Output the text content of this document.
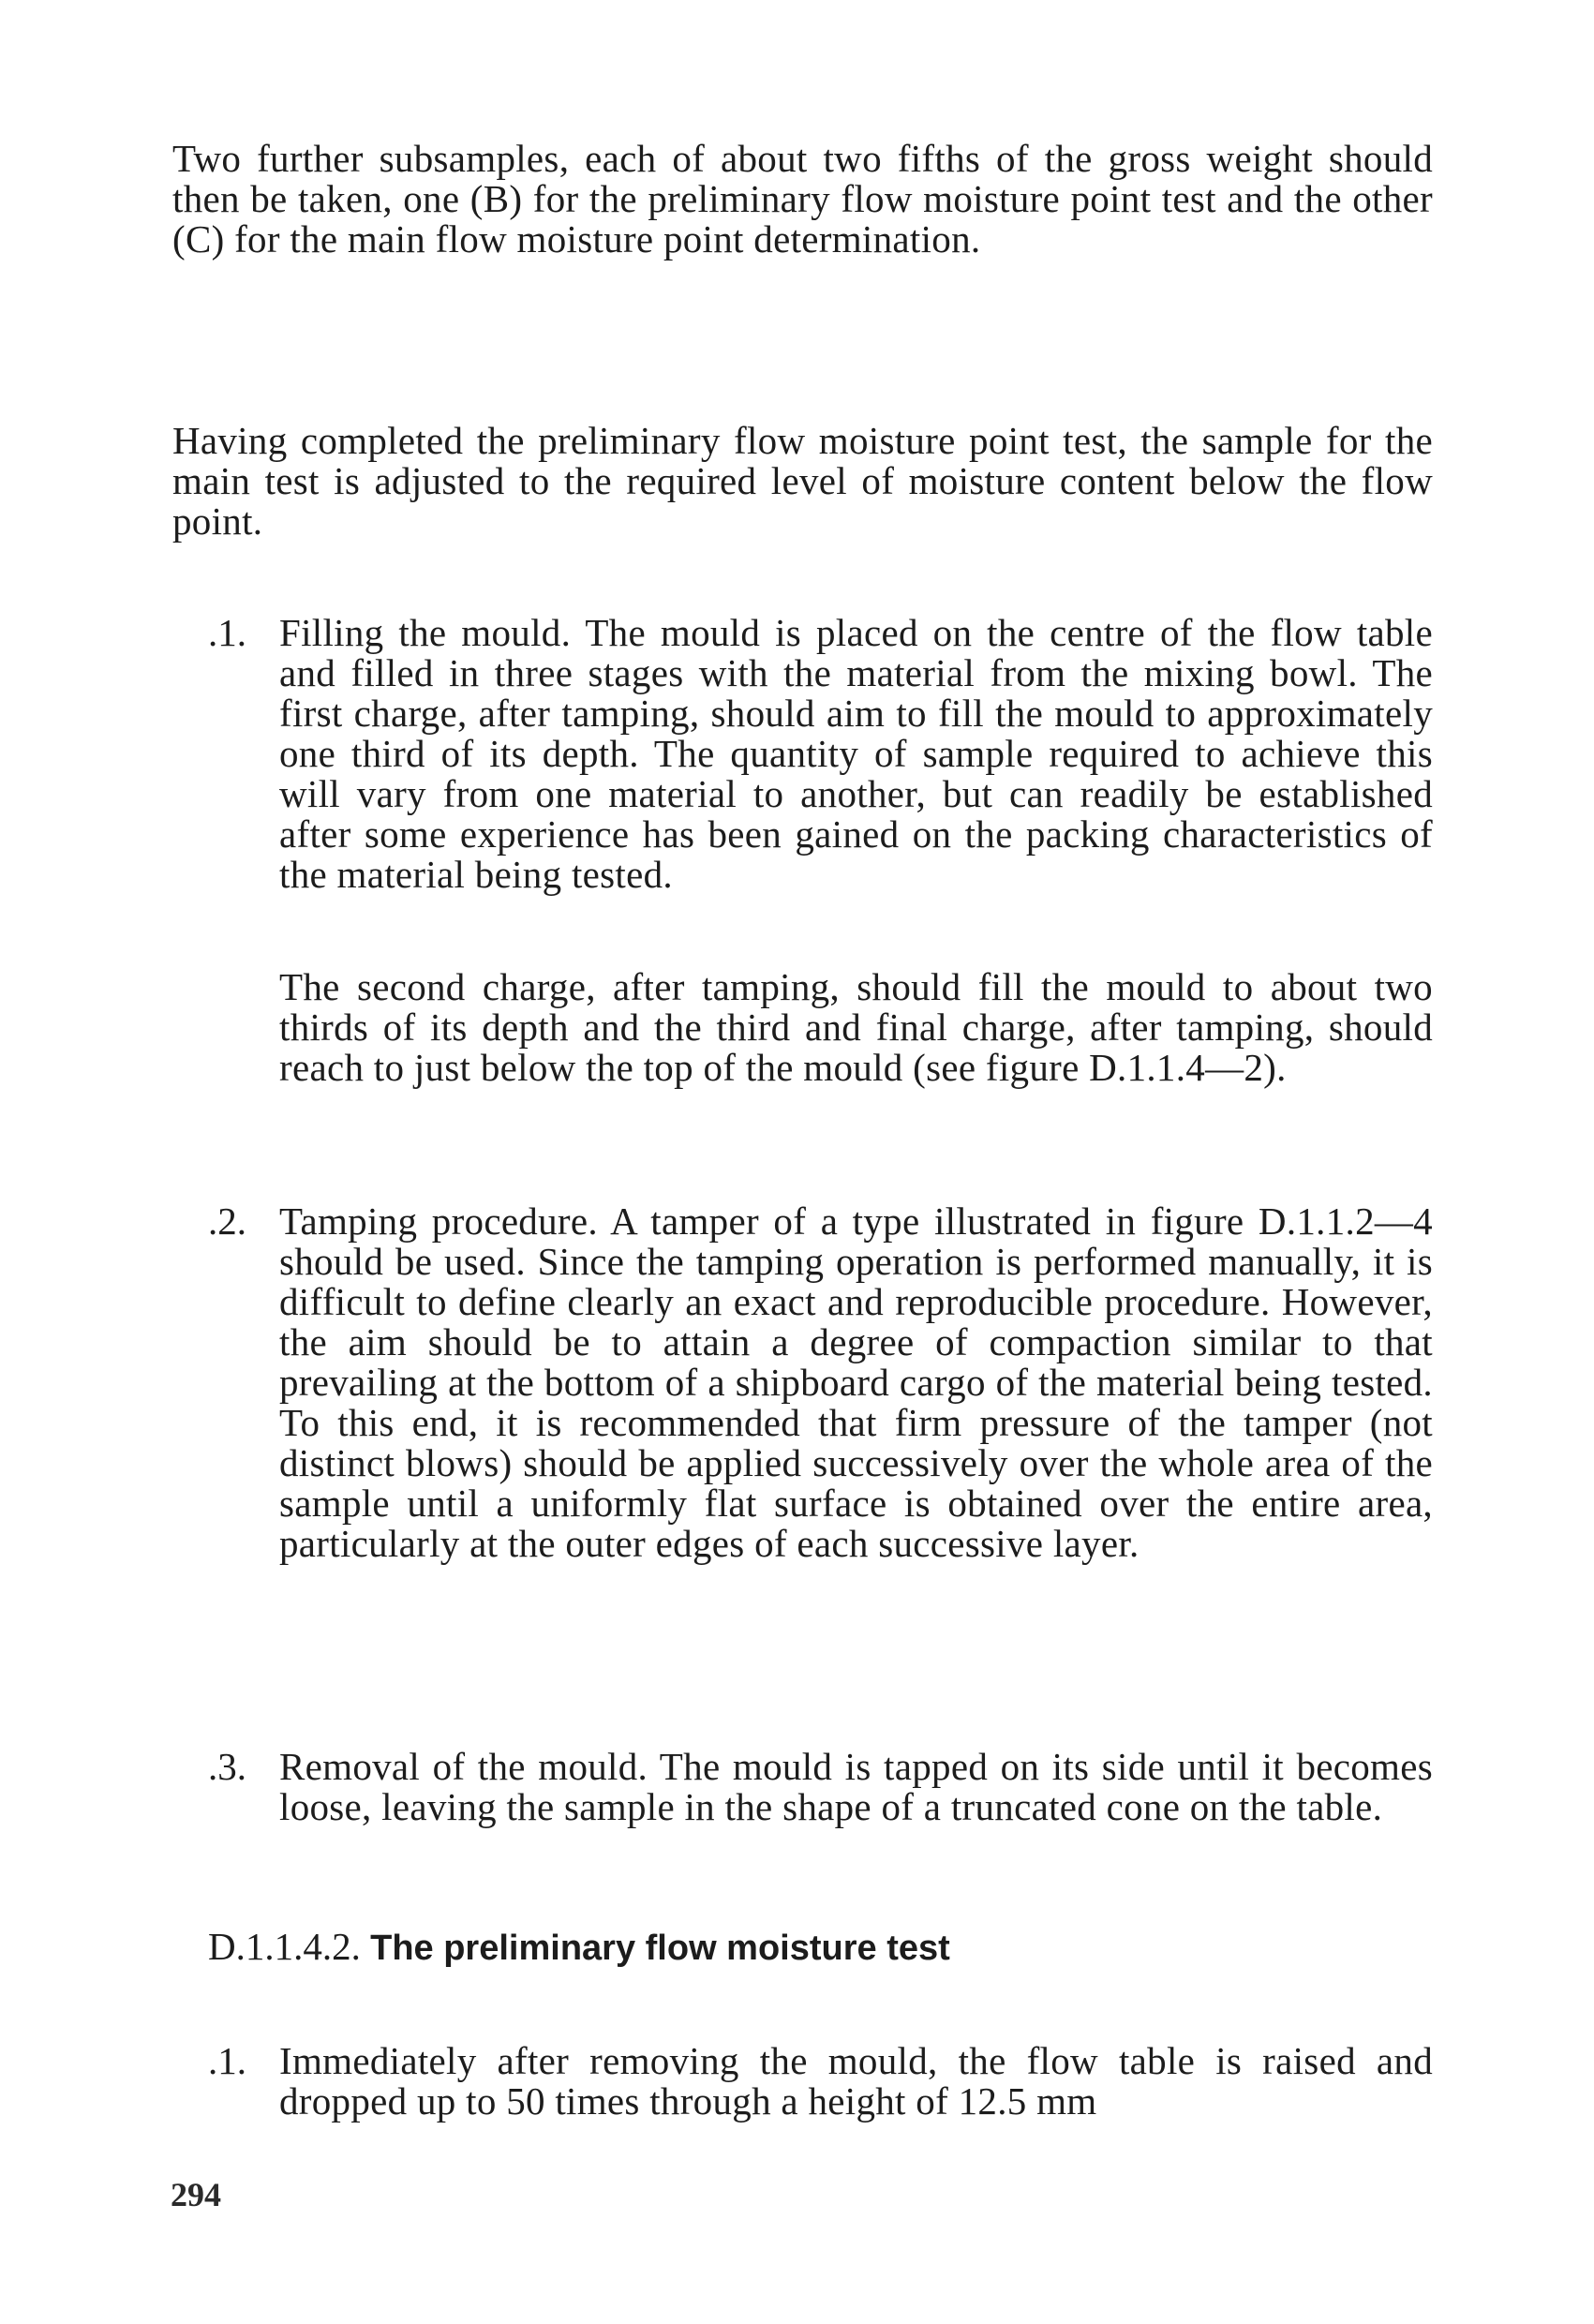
Two further subsamples, each of about two fifths of the gross weight should then be taken, one (B) for the preliminary flow moisture point test and the other (C) for the main flow moisture point determination.

Having completed the preliminary flow moisture point test, the sample for the main test is adjusted to the required level of moisture content below the flow point.

.1. Filling the mould. The mould is placed on the centre of the flow table and filled in three stages with the material from the mixing bowl. The first charge, after tamping, should aim to fill the mould to approximately one third of its depth. The quantity of sample required to achieve this will vary from one material to another, but can readily be established after some experience has been gained on the packing characteristics of the material being tested.

The second charge, after tamping, should fill the mould to about two thirds of its depth and the third and final charge, after tamping, should reach to just below the top of the mould (see figure D.1.1.4—2).

.2. Tamping procedure. A tamper of a type illustrated in figure D.1.1.2—4 should be used. Since the tamping operation is performed manually, it is difficult to define clearly an exact and reproducible procedure. However, the aim should be to attain a degree of compaction similar to that prevailing at the bottom of a shipboard cargo of the material being tested. To this end, it is recommended that firm pressure of the tamper (not distinct blows) should be applied successively over the whole area of the sample until a uniformly flat surface is obtained over the entire area, particularly at the outer edges of each successive layer.

.3. Removal of the mould. The mould is tapped on its side until it becomes loose, leaving the sample in the shape of a truncated cone on the table.

D.1.1.4.2. The preliminary flow moisture test
.1. Immediately after removing the mould, the flow table is raised and dropped up to 50 times through a height of 12.5 mm

294
